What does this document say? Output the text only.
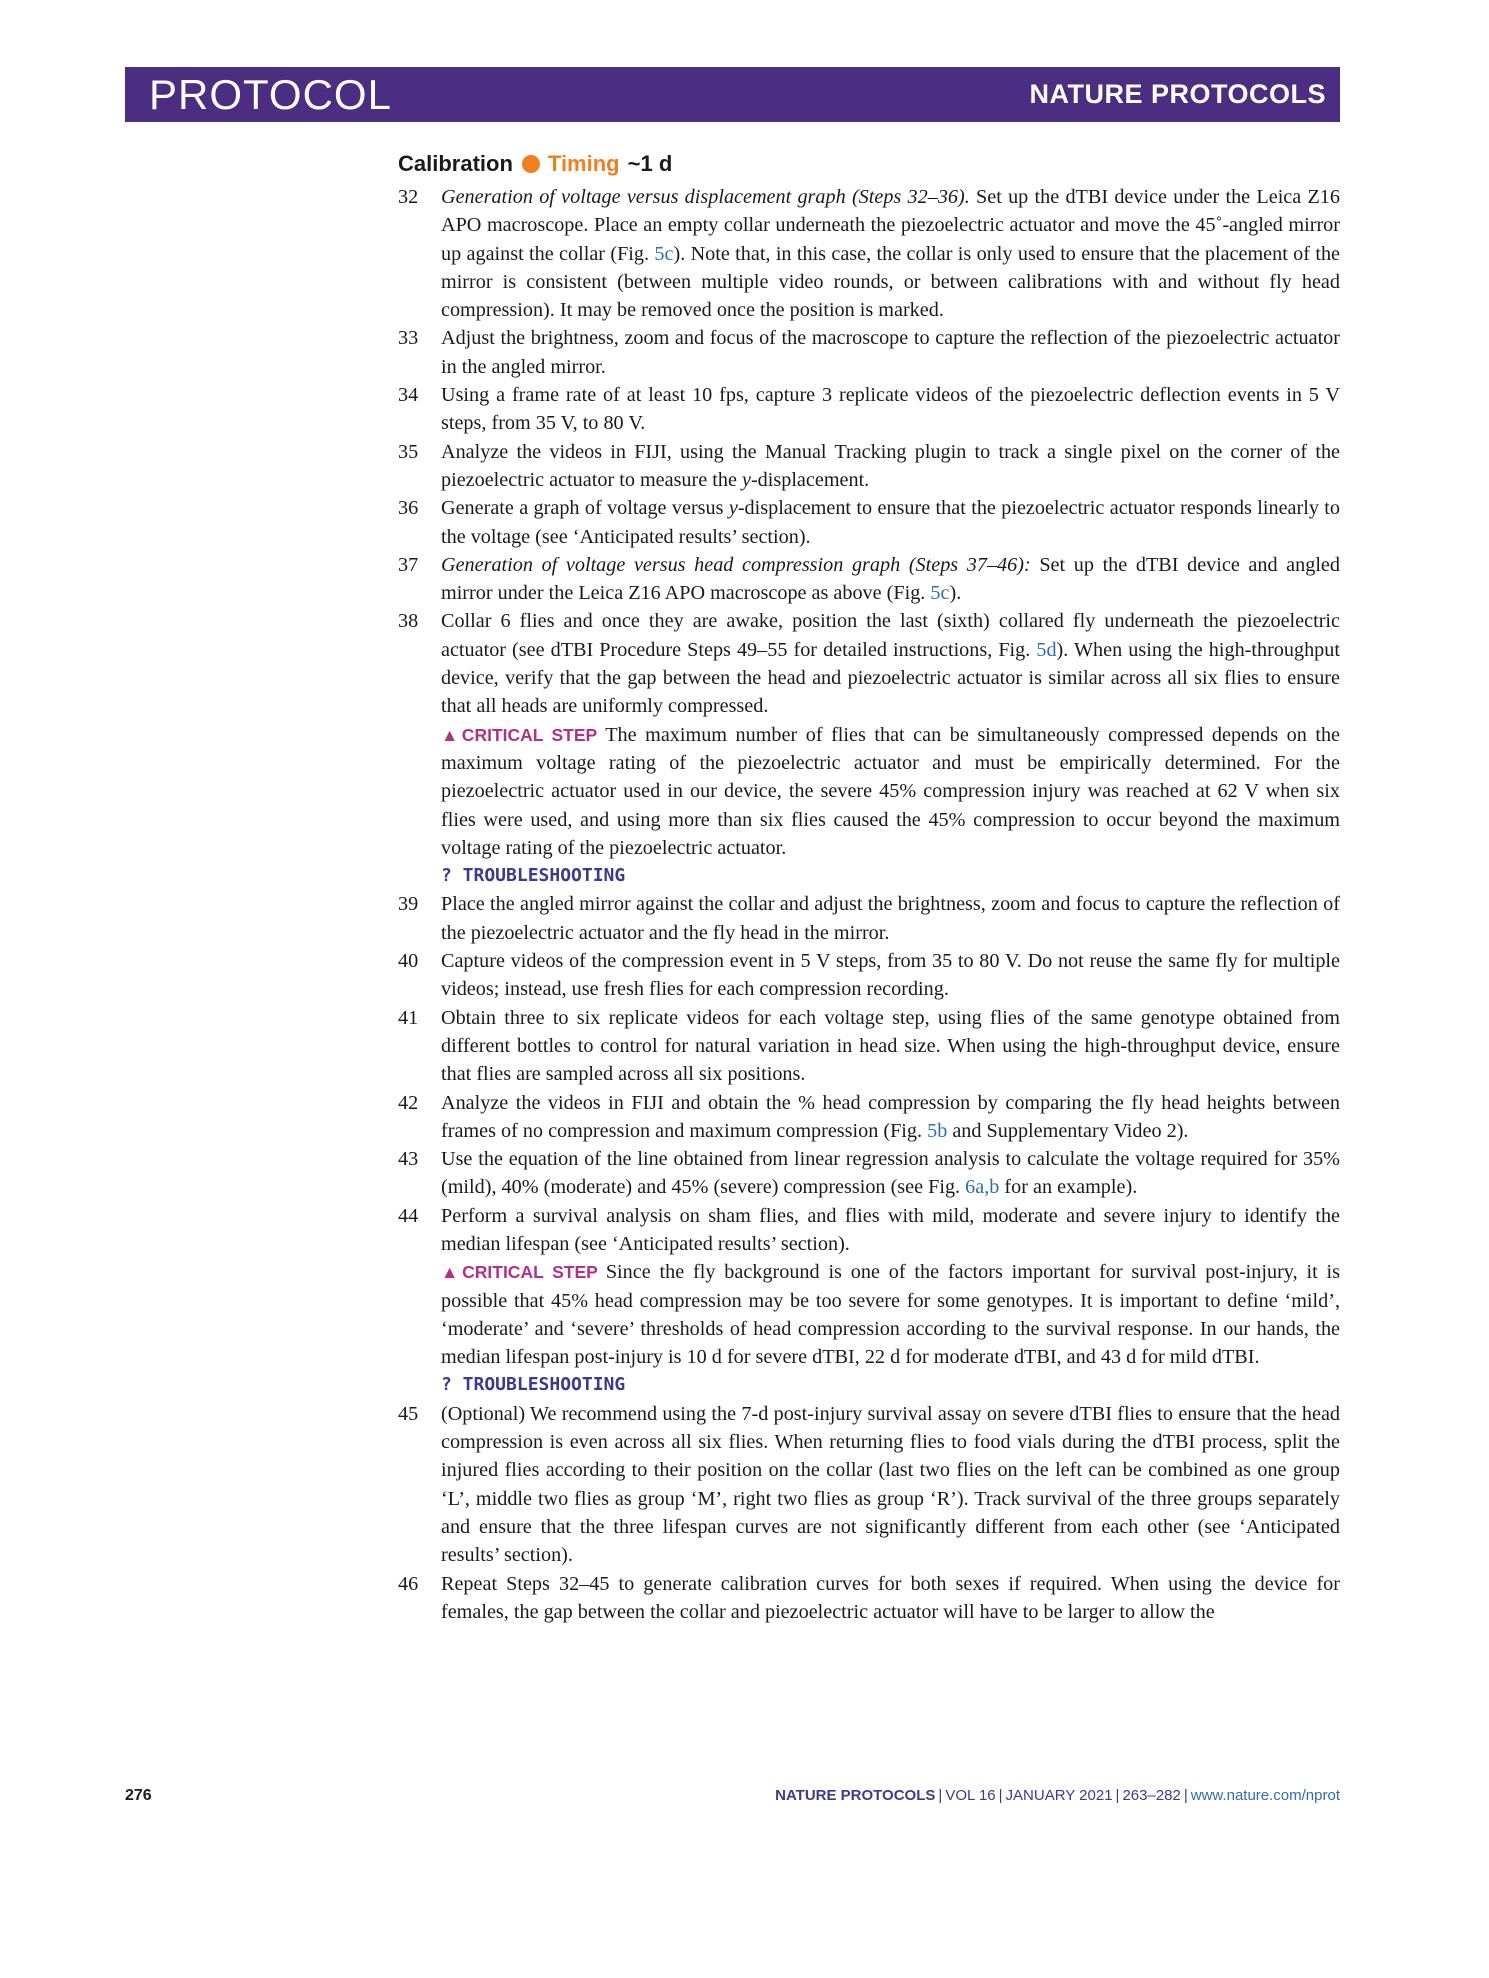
PROTOCOL	NATURE PROTOCOLS
Calibration Timing ~1 d
32 Generation of voltage versus displacement graph (Steps 32–36). Set up the dTBI device under the Leica Z16 APO macroscope. Place an empty collar underneath the piezoelectric actuator and move the 45˚-angled mirror up against the collar (Fig. 5c). Note that, in this case, the collar is only used to ensure that the placement of the mirror is consistent (between multiple video rounds, or between calibrations with and without fly head compression). It may be removed once the position is marked.

33 Adjust the brightness, zoom and focus of the macroscope to capture the reflection of the piezoelectric actuator in the angled mirror.

34 Using a frame rate of at least 10 fps, capture 3 replicate videos of the piezoelectric deflection events in 5 V steps, from 35 V, to 80 V.

35 Analyze the videos in FIJI, using the Manual Tracking plugin to track a single pixel on the corner of the piezoelectric actuator to measure the y-displacement.

36 Generate a graph of voltage versus y-displacement to ensure that the piezoelectric actuator responds linearly to the voltage (see ‘Anticipated results’ section).

37 Generation of voltage versus head compression graph (Steps 37–46): Set up the dTBI device and angled mirror under the Leica Z16 APO macroscope as above (Fig. 5c).

38 Collar 6 flies and once they are awake, position the last (sixth) collared fly underneath the piezoelectric actuator (see dTBI Procedure Steps 49–55 for detailed instructions, Fig. 5d). When using the high-throughput device, verify that the gap between the head and piezoelectric actuator is similar across all six flies to ensure that all heads are uniformly compressed.

▲CRITICAL STEP The maximum number of flies that can be simultaneously compressed depends on the maximum voltage rating of the piezoelectric actuator and must be empirically determined. For the piezoelectric actuator used in our device, the severe 45% compression injury was reached at 62 V when six flies were used, and using more than six flies caused the 45% compression to occur beyond the maximum voltage rating of the piezoelectric actuator.

? TROUBLESHOOTING

39 Place the angled mirror against the collar and adjust the brightness, zoom and focus to capture the reflection of the piezoelectric actuator and the fly head in the mirror.

40 Capture videos of the compression event in 5 V steps, from 35 to 80 V. Do not reuse the same fly for multiple videos; instead, use fresh flies for each compression recording.

41 Obtain three to six replicate videos for each voltage step, using flies of the same genotype obtained from different bottles to control for natural variation in head size. When using the high-throughput device, ensure that flies are sampled across all six positions.

42 Analyze the videos in FIJI and obtain the % head compression by comparing the fly head heights between frames of no compression and maximum compression (Fig. 5b and Supplementary Video 2).

43 Use the equation of the line obtained from linear regression analysis to calculate the voltage required for 35% (mild), 40% (moderate) and 45% (severe) compression (see Fig. 6a,b for an example).

44 Perform a survival analysis on sham flies, and flies with mild, moderate and severe injury to identify the median lifespan (see ‘Anticipated results’ section).

▲CRITICAL STEP Since the fly background is one of the factors important for survival post-injury, it is possible that 45% head compression may be too severe for some genotypes. It is important to define ‘mild’, ‘moderate’ and ‘severe’ thresholds of head compression according to the survival response. In our hands, the median lifespan post-injury is 10 d for severe dTBI, 22 d for moderate dTBI, and 43 d for mild dTBI.

? TROUBLESHOOTING

45 (Optional) We recommend using the 7-d post-injury survival assay on severe dTBI flies to ensure that the head compression is even across all six flies. When returning flies to food vials during the dTBI process, split the injured flies according to their position on the collar (last two flies on the left can be combined as one group ‘L’, middle two flies as group ‘M’, right two flies as group ‘R’). Track survival of the three groups separately and ensure that the three lifespan curves are not significantly different from each other (see ‘Anticipated results’ section).

46 Repeat Steps 32–45 to generate calibration curves for both sexes if required. When using the device for females, the gap between the collar and piezoelectric actuator will have to be larger to allow the

276	NATURE PROTOCOLS | VOL 16 | JANUARY 2021 | 263–282 | www.nature.com/nprot
